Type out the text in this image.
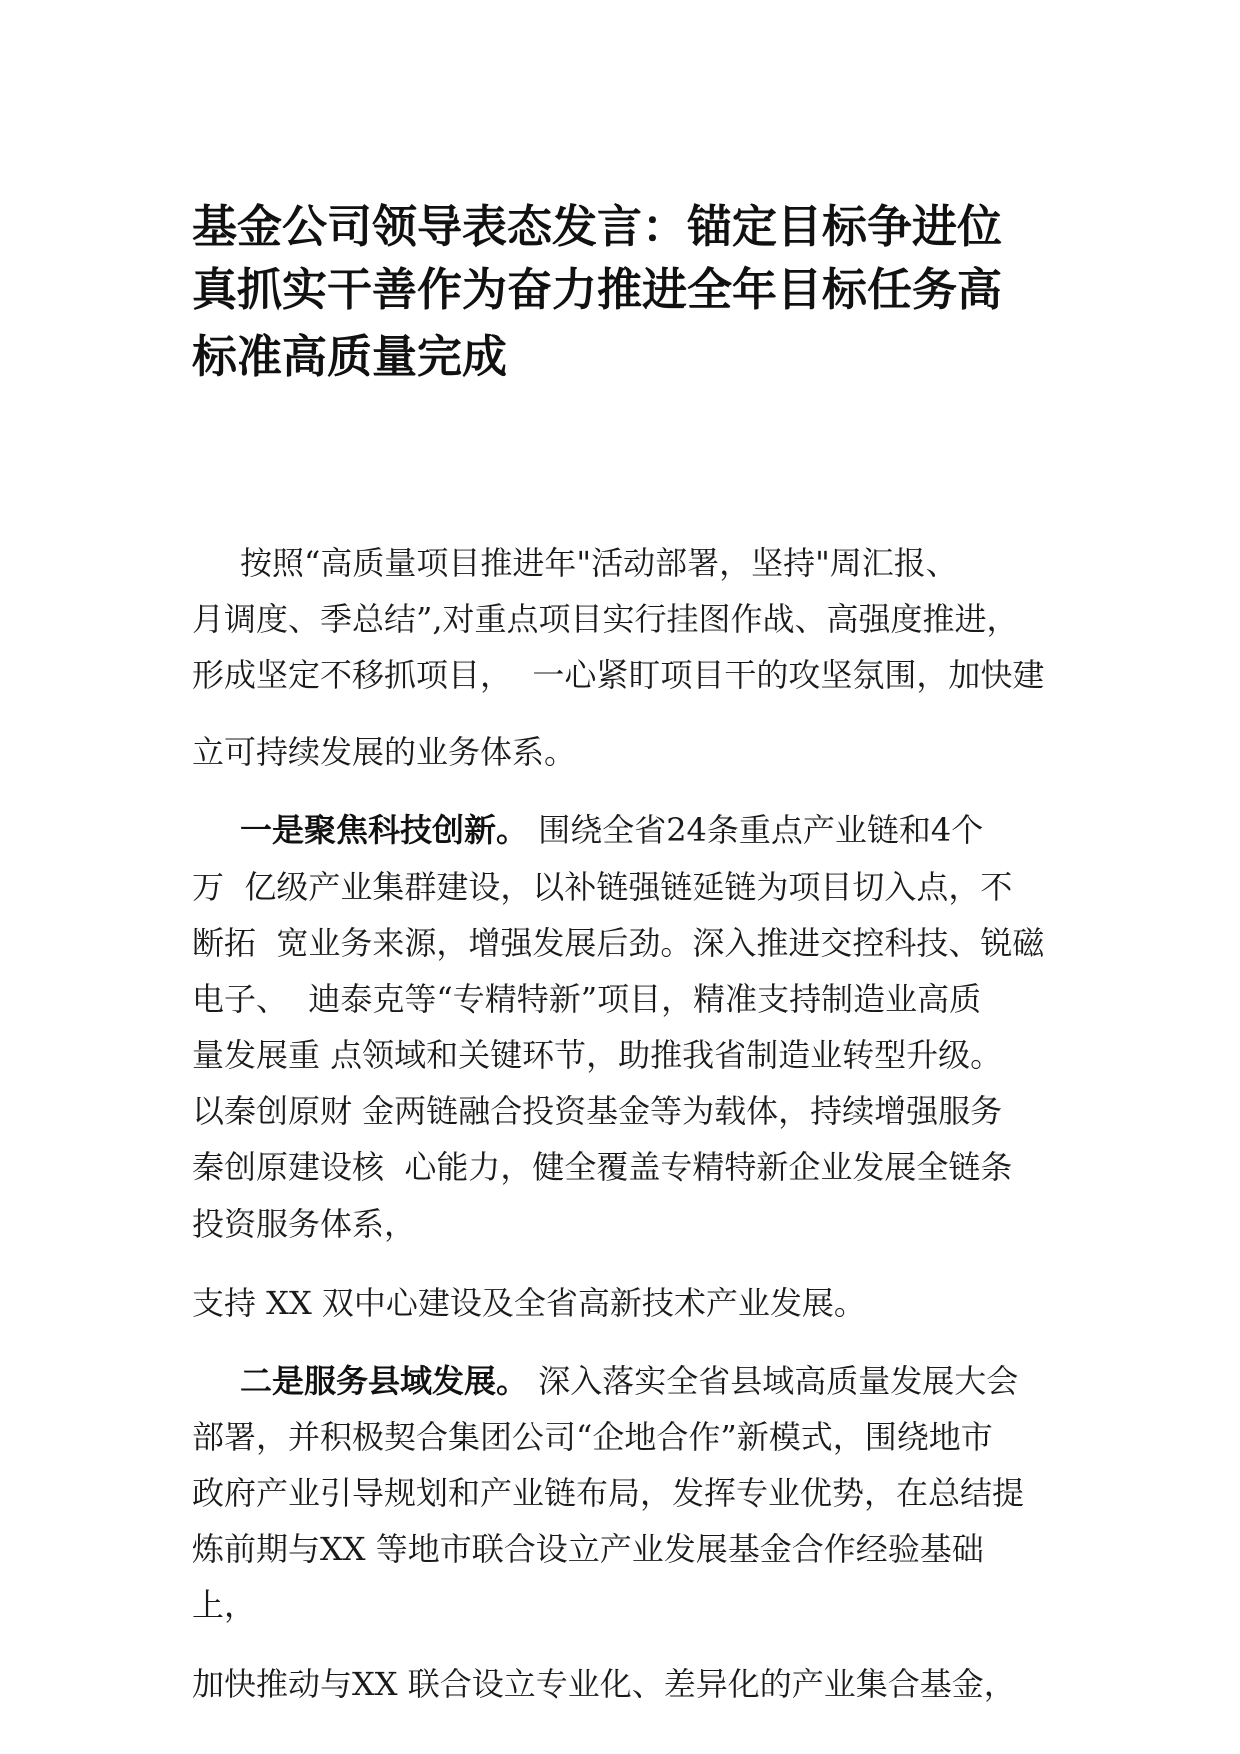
基金公司领导表态发言：锚定目标争进位
真抓实干善作为奋力推进全年目标任务高
标准高质量完成
按照“高质量项目推进年"活动部署，坚持"周汇报、
月调度、季总结”,对重点项目实行挂图作战、高强度推进，
形成坚定不移抓项目，  一心紧盯项目干的攻坚氛围，加快建
立可持续发展的业务体系。
一是聚焦科技创新。 围绕全省24条重点产业链和4个
万  亿级产业集群建设，以补链强链延链为项目切入点，不
断拓  宽业务来源，增强发展后劲。深入推进交控科技、锐磁
电子、  迪泰克等“专精特新”项目，精准支持制造业高质
量发展重 点领域和关键环节，助推我省制造业转型升级。
以秦创原财 金两链融合投资基金等为载体，持续增强服务
秦创原建设核  心能力，健全覆盖专精特新企业发展全链条
投资服务体系，
支持 XX 双中心建设及全省高新技术产业发展。
二是服务县域发展。 深入落实全省县域高质量发展大会
部署，并积极契合集团公司“企地合作”新模式，围绕地市
政府产业引导规划和产业链布局，发挥专业优势，在总结提
炼前期与XX 等地市联合设立产业发展基金合作经验基础
上，
加快推动与XX 联合设立专业化、差异化的产业集合基金，
